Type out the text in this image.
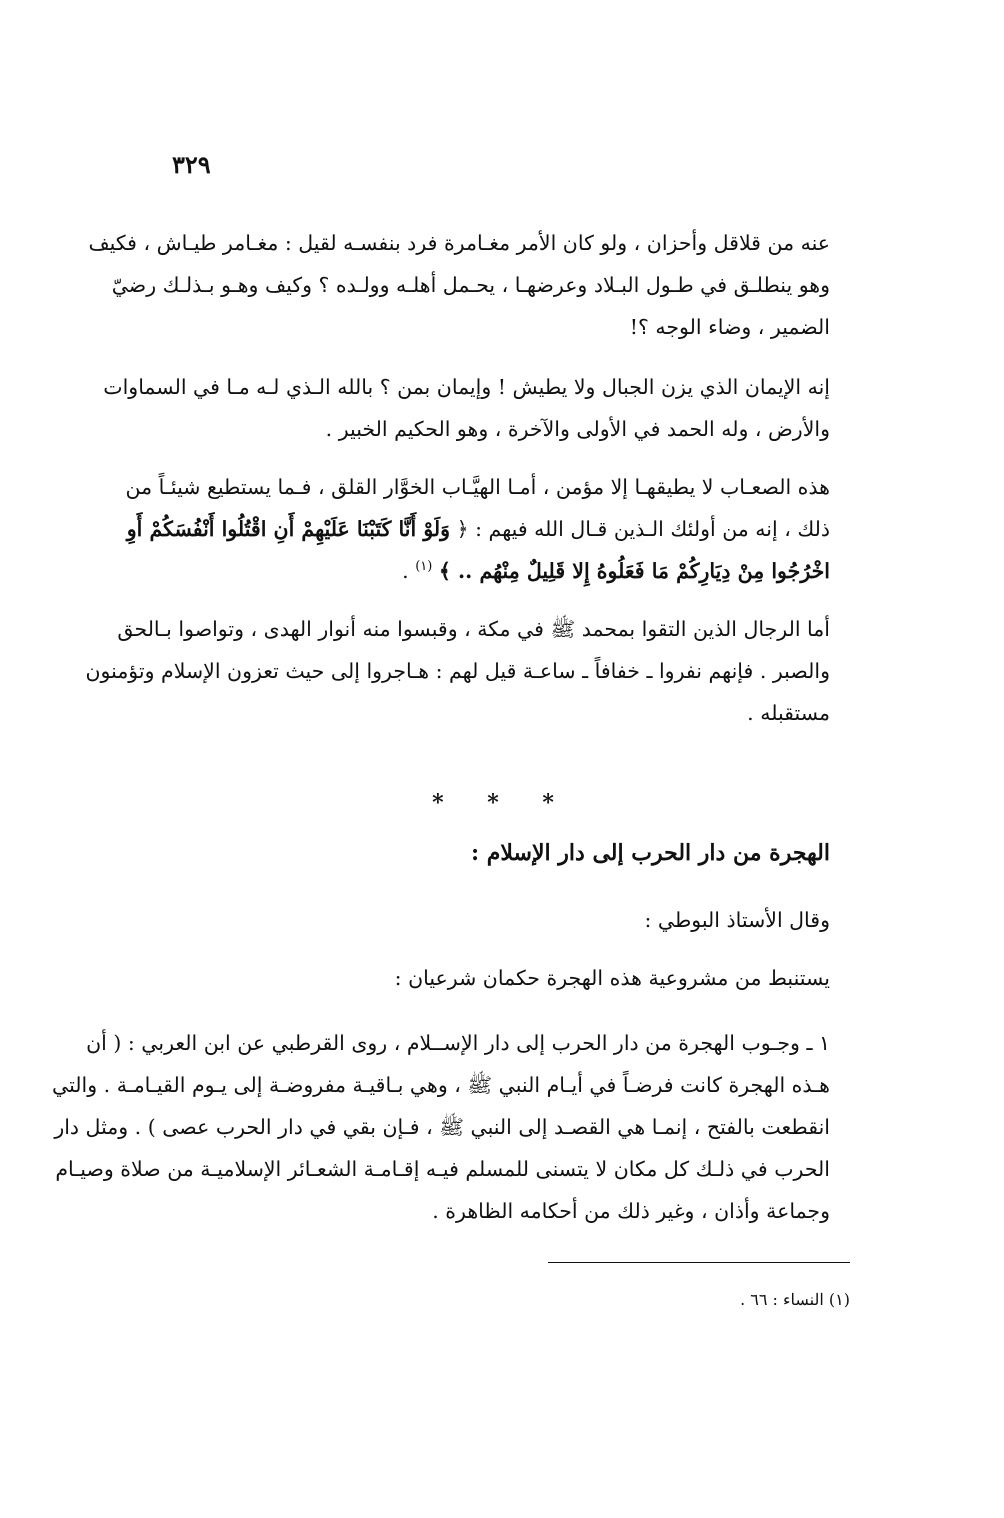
٣٢٩
عنه من قلاقل وأحزان ، ولو كان الأمر مغـامرة فرد بنفسـه لقيل : مغـامر طيـاش ، فكيف
وهو ينطلـق في طـول البـلاد وعرضهـا ، يحـمل أهلـه وولـده ؟ وكيف وهـو بـذلـك رضيّ
الضمير ، وضاء الوجه ؟!
إنه الإيمان الذي يزن الجبال ولا يطيش ! وإيمان بمن ؟ بالله الـذي لـه مـا في السماوات
والأرض ، وله الحمد في الأولى والآخرة ، وهو الحكيم الخبير .
هذه الصعـاب لا يطيقهـا إلا مؤمن ، أمـا الهيَّـاب الخوَّار القلق ، فـما يستطيع شيئـاً من
ذلك ، إنه من أولئك الـذين قـال الله فيهم : ﴿ وَلَوْ أَنَّا كَتَبْنَا عَلَيْهِمْ أَنِ اقْتُلُوا أَنْفُسَكُمْ أَوِ
اخْرُجُوا مِنْ دِيَارِكُمْ مَا فَعَلُوهُ إِلا قَلِيلٌ مِنْهُم .. ﴾ $^{(١)}$ .
أما الرجال الذين التقوا بمحمد ﷺ في مكة ، وقبسوا منه أنوار الهدى ، وتواصوا بـالحق
والصبر . فإنهم نفروا ـ خفافاً ـ ساعـة قيل لهم : هـاجروا إلى حيث تعزون الإسلام وتؤمنون
مستقبله .
* * *
الهجرة من دار الحرب إلى دار الإسلام :
وقال الأستاذ البوطي :
يستنبط من مشروعية هذه الهجرة حكمان شرعيان :
١ ـ وجـوب الهجرة من دار الحرب إلى دار الإســلام ، روى القرطبي عن ابن العربي : ( أن
هـذه الهجرة كانت فرضـاً في أيـام النبي ﷺ ، وهي بـاقيـة مفروضـة إلى يـوم القيـامـة . والتي
انقطعت بالفتح ، إنمـا هي القصـد إلى النبي ﷺ ، فـإن بقي في دار الحرب عصى ) . ومثل دار
الحرب في ذلـك كل مكان لا يتسنى للمسلم فيـه إقـامـة الشعـائر الإسلاميـة من صلاة وصيـام
وجماعة وأذان ، وغير ذلك من أحكامه الظاهرة .
(١) النساء : ٦٦ .
